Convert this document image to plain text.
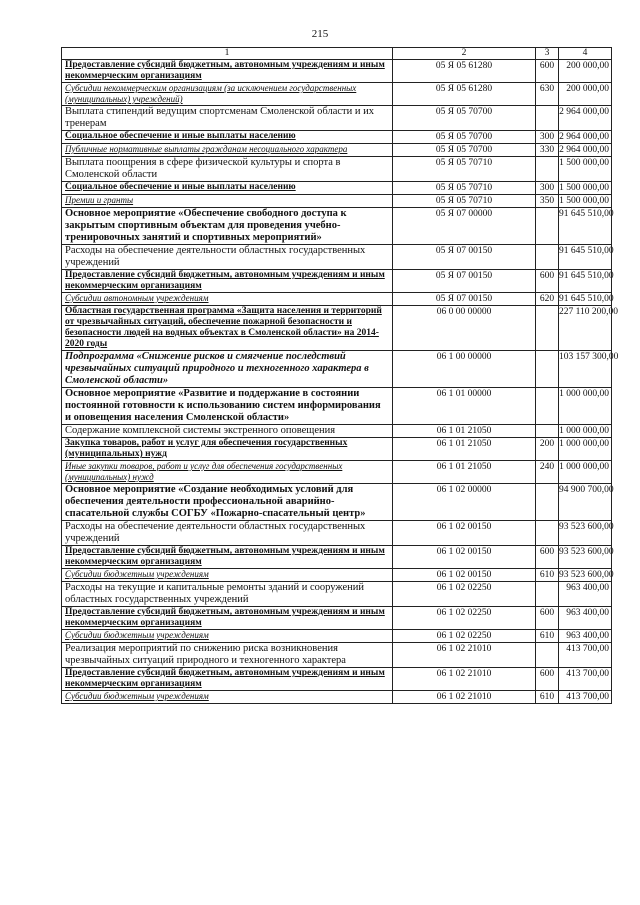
215
1	2	3	4
Предоставление субсидий бюджетным, автономным учреждениям и иным некоммерческим организациям	05 Я 05 61280	600	200 000,00
Субсидии некоммерческим организациям (за исключением государственных (муниципальных) учреждений)	05 Я 05 61280	630	200 000,00
Выплата стипендий ведущим спортсменам Смоленской области и их тренерам	05 Я 05 70700		2 964 000,00
Социальное обеспечение и иные выплаты населению	05 Я 05 70700	300	2 964 000,00
Публичные нормативные выплаты гражданам несоциального характера	05 Я 05 70700	330	2 964 000,00
Выплата поощрения в сфере физической культуры и спорта в Смоленской области	05 Я 05 70710		1 500 000,00
Социальное обеспечение и иные выплаты населению	05 Я 05 70710	300	1 500 000,00
Премии и гранты	05 Я 05 70710	350	1 500 000,00
Основное мероприятие «Обеспечение свободного доступа к закрытым спортивным объектам для проведения учебно-тренировочных занятий и спортивных мероприятий»	05 Я 07 00000		91 645 510,00
Расходы на обеспечение деятельности областных государственных учреждений	05 Я 07 00150		91 645 510,00
Предоставление субсидий бюджетным, автономным учреждениям и иным некоммерческим организациям	05 Я 07 00150	600	91 645 510,00
Субсидии автономным учреждениям	05 Я 07 00150	620	91 645 510,00
Областная государственная программа «Защита населения и территорий от чрезвычайных ситуаций, обеспечение пожарной безопасности и безопасности людей на водных объектах в Смоленской области» на 2014-2020 годы	06 0 00 00000		227 110 200,00
Подпрограмма «Снижение рисков и смягчение последствий чрезвычайных ситуаций природного и техногенного характера в Смоленской области»	06 1 00 00000		103 157 300,00
Основное мероприятие «Развитие и поддержание в состоянии постоянной готовности к использованию систем информирования и оповещения населения Смоленской области»	06 1 01 00000		1 000 000,00
Содержание комплексной системы экстренного оповещения	06 1 01 21050		1 000 000,00
Закупка товаров, работ и услуг для обеспечения государственных (муниципальных) нужд	06 1 01 21050	200	1 000 000,00
Иные закупки товаров, работ и услуг для обеспечения государственных (муниципальных) нужд	06 1 01 21050	240	1 000 000,00
Основное мероприятие «Создание необходимых условий для обеспечения деятельности профессиональной аварийно-спасательной службы СОГБУ «Пожарно-спасательный центр»	06 1 02 00000		94 900 700,00
Расходы на обеспечение деятельности областных государственных учреждений	06 1 02 00150		93 523 600,00
Предоставление субсидий бюджетным, автономным учреждениям и иным некоммерческим организациям	06 1 02 00150	600	93 523 600,00
Субсидии бюджетным учреждениям	06 1 02 00150	610	93 523 600,00
Расходы на текущие и капитальные ремонты зданий и сооружений областных государственных учреждений	06 1 02 02250		963 400,00
Предоставление субсидий бюджетным, автономным учреждениям и иным некоммерческим организациям	06 1 02 02250	600	963 400,00
Субсидии бюджетным учреждениям	06 1 02 02250	610	963 400,00
Реализация мероприятий по снижению риска возникновения чрезвычайных ситуаций природного и техногенного характера	06 1 02 21010		413 700,00
Предоставление субсидий бюджетным, автономным учреждениям и иным некоммерческим организациям	06 1 02 21010	600	413 700,00
Субсидии бюджетным учреждениям	06 1 02 21010	610	413 700,00
